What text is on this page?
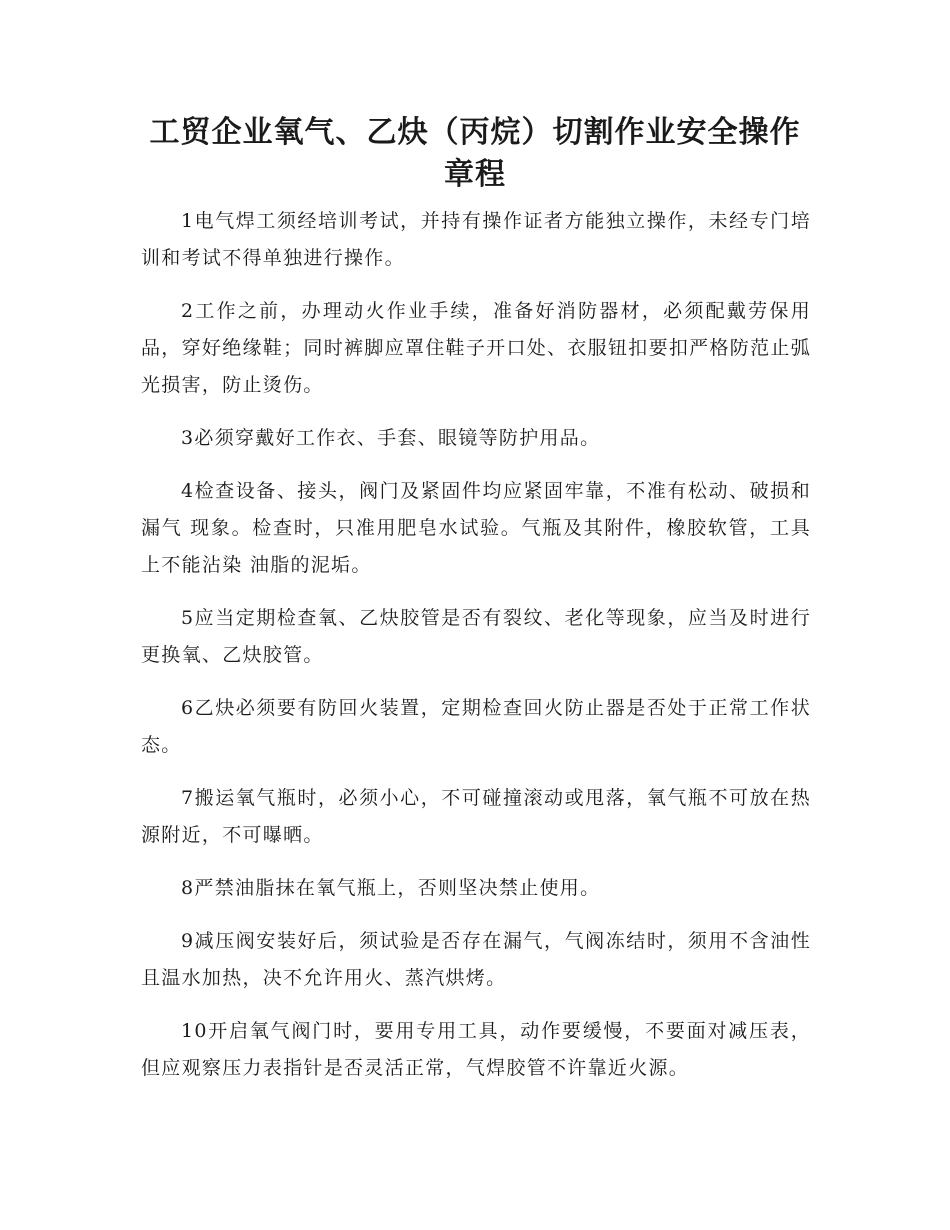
工贸企业氧气、乙炔（丙烷）切割作业安全操作章程

1电气焊工须经培训考试，并持有操作证者方能独立操作，未经专门培训和考试不得单独进行操作。

2工作之前，办理动火作业手续，准备好消防器材，必须配戴劳保用品，穿好绝缘鞋；同时裤脚应罩住鞋子开口处、衣服钮扣要扣严格防范止弧光损害，防止烫伤。

3必须穿戴好工作衣、手套、眼镜等防护用品。

4检查设备、接头，阀门及紧固件均应紧固牢靠，不准有松动、破损和漏气 现象。检查时，只准用肥皂水试验。气瓶及其附件，橡胶软管，工具上不能沾染 油脂的泥垢。

5应当定期检查氧、乙炔胶管是否有裂纹、老化等现象，应当及时进行更换氧、乙炔胶管。

6乙炔必须要有防回火装置，定期检查回火防止器是否处于正常工作状态。

7搬运氧气瓶时，必须小心，不可碰撞滚动或甩落，氧气瓶不可放在热源附近，不可曝晒。

8严禁油脂抹在氧气瓶上，否则坚决禁止使用。

9减压阀安装好后，须试验是否存在漏气，气阀冻结时，须用不含油性且温水加热，决不允许用火、蒸汽烘烤。

10开启氧气阀门时，要用专用工具，动作要缓慢，不要面对减压表，但应观察压力表指针是否灵活正常，气焊胶管不许靠近火源。
